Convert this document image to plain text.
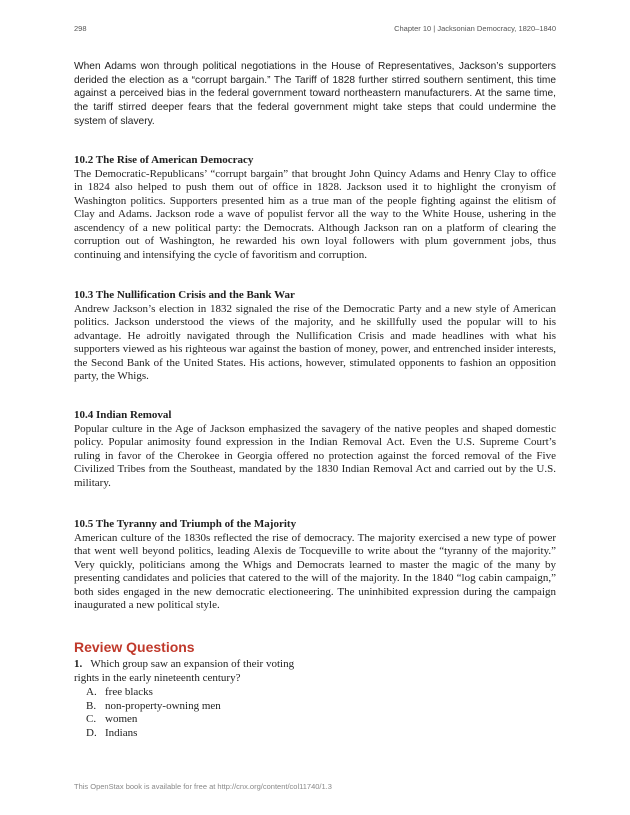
298	Chapter 10 | Jacksonian Democracy, 1820–1840

When Adams won through political negotiations in the House of Representatives, Jackson’s supporters derided the election as a “corrupt bargain.” The Tariff of 1828 further stirred southern sentiment, this time against a perceived bias in the federal government toward northeastern manufacturers. At the same time, the tariff stirred deeper fears that the federal government might take steps that could undermine the system of slavery.

10.2 The Rise of American Democracy

The Democratic-Republicans’ “corrupt bargain” that brought John Quincy Adams and Henry Clay to office in 1824 also helped to push them out of office in 1828. Jackson used it to highlight the cronyism of Washington politics. Supporters presented him as a true man of the people fighting against the elitism of Clay and Adams. Jackson rode a wave of populist fervor all the way to the White House, ushering in the ascendency of a new political party: the Democrats. Although Jackson ran on a platform of clearing the corruption out of Washington, he rewarded his own loyal followers with plum government jobs, thus continuing and intensifying the cycle of favoritism and corruption.

10.3 The Nullification Crisis and the Bank War

Andrew Jackson’s election in 1832 signaled the rise of the Democratic Party and a new style of American politics. Jackson understood the views of the majority, and he skillfully used the popular will to his advantage. He adroitly navigated through the Nullification Crisis and made headlines with what his supporters viewed as his righteous war against the bastion of money, power, and entrenched insider interests, the Second Bank of the United States. His actions, however, stimulated opponents to fashion an opposition party, the Whigs.

10.4 Indian Removal

Popular culture in the Age of Jackson emphasized the savagery of the native peoples and shaped domestic policy. Popular animosity found expression in the Indian Removal Act. Even the U.S. Supreme Court’s ruling in favor of the Cherokee in Georgia offered no protection against the forced removal of the Five Civilized Tribes from the Southeast, mandated by the 1830 Indian Removal Act and carried out by the U.S. military.

10.5 The Tyranny and Triumph of the Majority

American culture of the 1830s reflected the rise of democracy. The majority exercised a new type of power that went well beyond politics, leading Alexis de Tocqueville to write about the “tyranny of the majority.” Very quickly, politicians among the Whigs and Democrats learned to master the magic of the many by presenting candidates and policies that catered to the will of the majority. In the 1840 “log cabin campaign,” both sides engaged in the new democratic electioneering. The uninhibited expression during the campaign inaugurated a new political style.

Review Questions
1. Which group saw an expansion of their voting rights in the early nineteenth century?
A. free blacks
B. non-property-owning men
C. women
D. Indians
This OpenStax book is available for free at http://cnx.org/content/col11740/1.3
